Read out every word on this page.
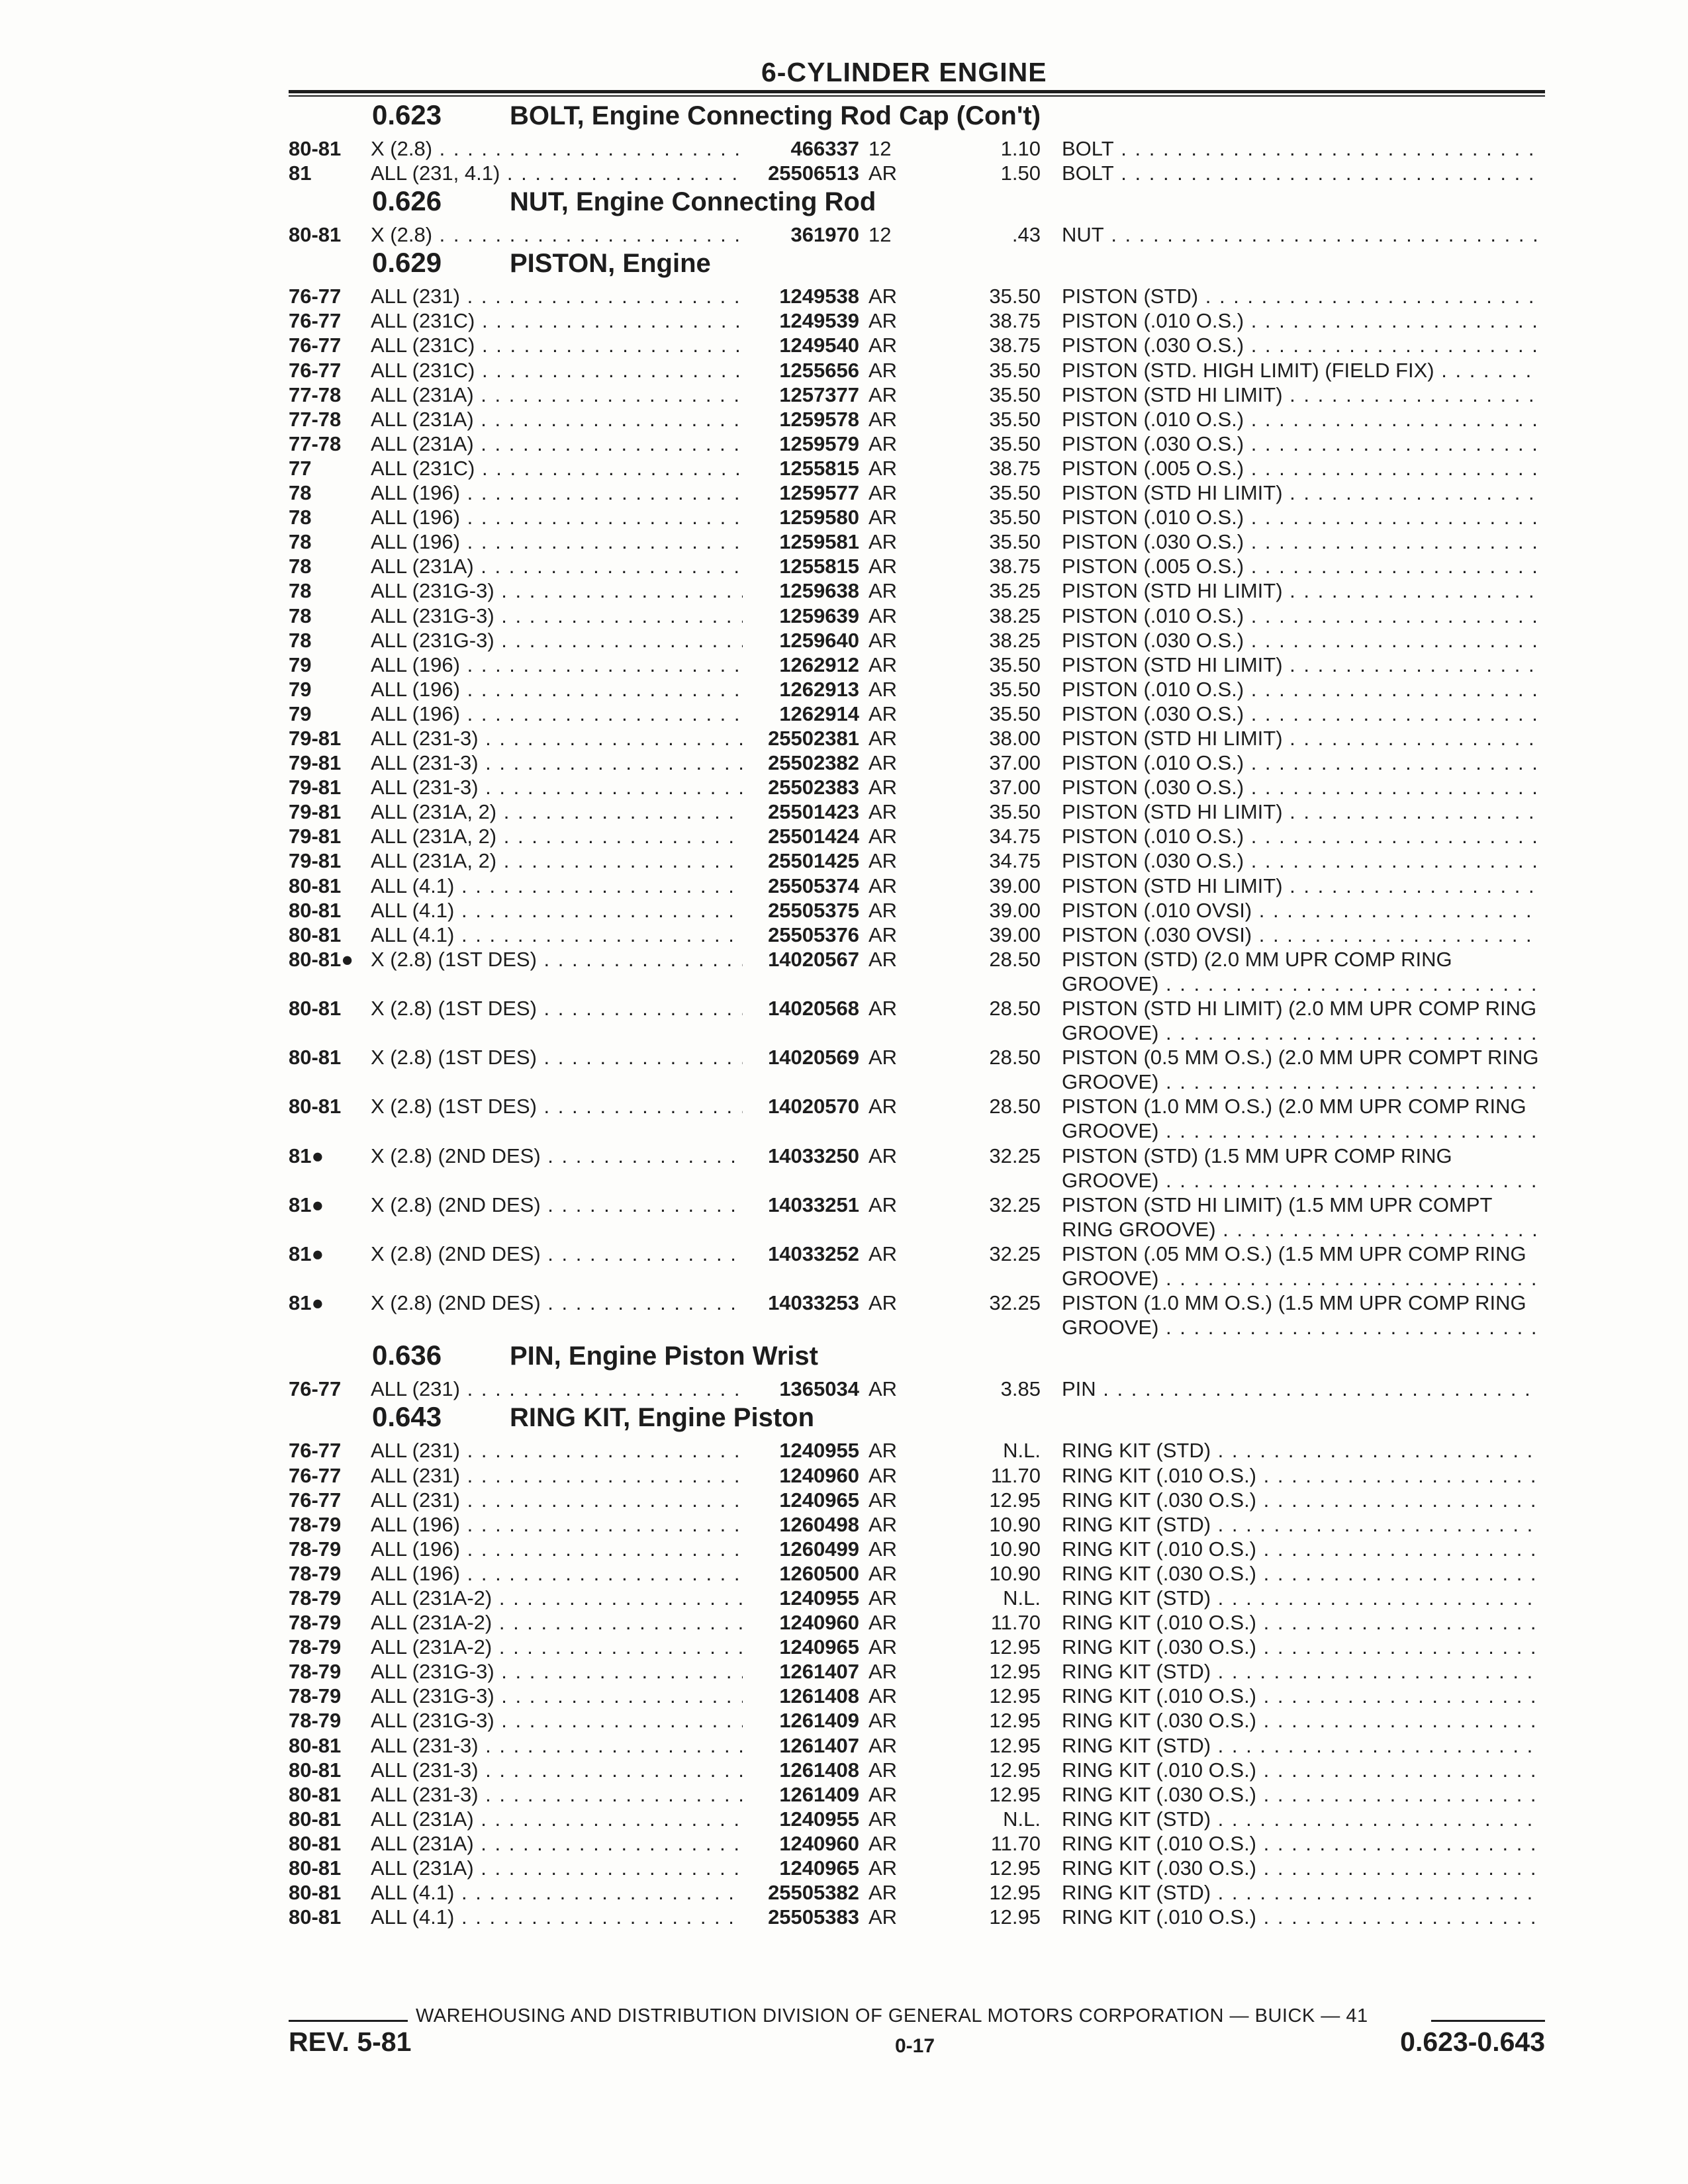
6-CYLINDER ENGINE
0.623	BOLT, Engine Connecting Rod Cap (Con't)
80-81 X (2.8) . . .	466337 12	1.10 BOLT . . .
81	ALL (231, 4.1) . . .	25506513 AR	1.50 BOLT . . .
0.626	NUT, Engine Connecting Rod
80-81 X (2.8) . . .	361970 12	.43 NUT . . .
0.629	PISTON, Engine
76-77 ALL (231) . . .	1249538 AR	35.50 PISTON (STD) . . .
76-77 ALL (231C) . . .	1249539 AR	38.75 PISTON (.010 O.S.) . . .
76-77 ALL (231C) . . .	1249540 AR	38.75 PISTON (.030 O.S.) . . .
76-77 ALL (231C) . . .	1255656 AR	35.50 PISTON (STD. HIGH LIMIT) (FIELD FIX) . . .
77-78 ALL (231A) . . .	1257377 AR	35.50 PISTON (STD HI LIMIT) . . .
77-78 ALL (231A) . . .	1259578 AR	35.50 PISTON (.010 O.S.) . . .
77-78 ALL (231A) . . .	1259579 AR	35.50 PISTON (.030 O.S.) . . .
77	ALL (231C) . . .	1255815 AR	38.75 PISTON (.005 O.S.) . . .
78	ALL (196) . . .	1259577 AR	35.50 PISTON (STD HI LIMIT) . . .
78	ALL (196) . . .	1259580 AR	35.50 PISTON (.010 O.S.) . . .
78	ALL (196) . . .	1259581 AR	35.50 PISTON (.030 O.S.) . . .
78	ALL (231A) . . .	1255815 AR	38.75 PISTON (.005 O.S.) . . .
78	ALL (231G-3) . . .	1259638 AR	35.25 PISTON (STD HI LIMIT) . . .
78	ALL (231G-3) . . .	1259639 AR	38.25 PISTON (.010 O.S.) . . .
78	ALL (231G-3) . . .	1259640 AR	38.25 PISTON (.030 O.S.) . . .
79	ALL (196) . . .	1262912 AR	35.50 PISTON (STD HI LIMIT) . . .
79	ALL (196) . . .	1262913 AR	35.50 PISTON (.010 O.S.) . . .
79	ALL (196) . . .	1262914 AR	35.50 PISTON (.030 O.S.) . . .
79-81 ALL (231-3) . . .	25502381 AR	38.00 PISTON (STD HI LIMIT) . . .
79-81 ALL (231-3) . . .	25502382 AR	37.00 PISTON (.010 O.S.) . . .
79-81 ALL (231-3) . . .	25502383 AR	37.00 PISTON (.030 O.S.) . . .
79-81 ALL (231A, 2) . . .	25501423 AR	35.50 PISTON (STD HI LIMIT) . . .
79-81 ALL (231A, 2) . . .	25501424 AR	34.75 PISTON (.010 O.S.) . . .
79-81 ALL (231A, 2) . . .	25501425 AR	34.75 PISTON (.030 O.S.) . . .
80-81 ALL (4.1) . . .	25505374 AR	39.00 PISTON (STD HI LIMIT) . . .
80-81 ALL (4.1) . . .	25505375 AR	39.00 PISTON (.010 OVSI) . . .
80-81 ALL (4.1) . . .	25505376 AR	39.00 PISTON (.030 OVSI) . . .
80-81● X (2.8) (1ST DES) . . .	14020567 AR	28.50 PISTON (STD) (2.0 MM UPR COMP RING GROOVE) . . .
80-81 X (2.8) (1ST DES) . . .	14020568 AR	28.50 PISTON (STD HI LIMIT) (2.0 MM UPR COMP RING GROOVE) . . .
80-81 X (2.8) (1ST DES) . . .	14020569 AR	28.50 PISTON (0.5 MM O.S.) (2.0 MM UPR COMPT RING GROOVE) . . .
80-81 X (2.8) (1ST DES) . . .	14020570 AR	28.50 PISTON (1.0 MM O.S.) (2.0 MM UPR COMP RING GROOVE) . . .
81● X (2.8) (2ND DES) . . .	14033250 AR	32.25 PISTON (STD) (1.5 MM UPR COMP RING GROOVE) . . .
81● X (2.8) (2ND DES) . . .	14033251 AR	32.25 PISTON (STD HI LIMIT) (1.5 MM UPR COMPT RING GROOVE) . . .
81● X (2.8) (2ND DES) . . .	14033252 AR	32.25 PISTON (.05 MM O.S.) (1.5 MM UPR COMP RING GROOVE) . . .
81● X (2.8) (2ND DES) . . .	14033253 AR	32.25 PISTON (1.0 MM O.S.) (1.5 MM UPR COMP RING GROOVE) . . .
0.636	PIN, Engine Piston Wrist
76-77 ALL (231) . . .	1365034 AR	3.85 PIN . . .
0.643	RING KIT, Engine Piston
76-77 ALL (231) . . .	1240955 AR	N.L. RING KIT (STD) . . .
76-77 ALL (231) . . .	1240960 AR	11.70 RING KIT (.010 O.S.) . . .
76-77 ALL (231) . . .	1240965 AR	12.95 RING KIT (.030 O.S.) . . .
78-79 ALL (196) . . .	1260498 AR	10.90 RING KIT (STD) . . .
78-79 ALL (196) . . .	1260499 AR	10.90 RING KIT (.010 O.S.) . . .
78-79 ALL (196) . . .	1260500 AR	10.90 RING KIT (.030 O.S.) . . .
78-79 ALL (231A-2) . . .	1240955 AR	N.L. RING KIT (STD) . . .
78-79 ALL (231A-2) . . .	1240960 AR	11.70 RING KIT (.010 O.S.) . . .
78-79 ALL (231A-2) . . .	1240965 AR	12.95 RING KIT (.030 O.S.) . . .
78-79 ALL (231G-3) . . .	1261407 AR	12.95 RING KIT (STD) . . .
78-79 ALL (231G-3) . . .	1261408 AR	12.95 RING KIT (.010 O.S.) . . .
78-79 ALL (231G-3) . . .	1261409 AR	12.95 RING KIT (.030 O.S.) . . .
80-81 ALL (231-3) . . .	1261407 AR	12.95 RING KIT (STD) . . .
80-81 ALL (231-3) . . .	1261408 AR	12.95 RING KIT (.010 O.S.) . . .
80-81 ALL (231-3) . . .	1261409 AR	12.95 RING KIT (.030 O.S.) . . .
80-81 ALL (231A) . . .	1240955 AR	N.L. RING KIT (STD) . . .
80-81 ALL (231A) . . .	1240960 AR	11.70 RING KIT (.010 O.S.) . . .
80-81 ALL (231A) . . .	1240965 AR	12.95 RING KIT (.030 O.S.) . . .
80-81 ALL (4.1) . . .	25505382 AR	12.95 RING KIT (STD) . . .
80-81 ALL (4.1) . . .	25505383 AR	12.95 RING KIT (.010 O.S.) . . .
WAREHOUSING AND DISTRIBUTION DIVISION OF GENERAL MOTORS CORPORATION — BUICK — 41
REV. 5-81	0-17	0.623-0.643
